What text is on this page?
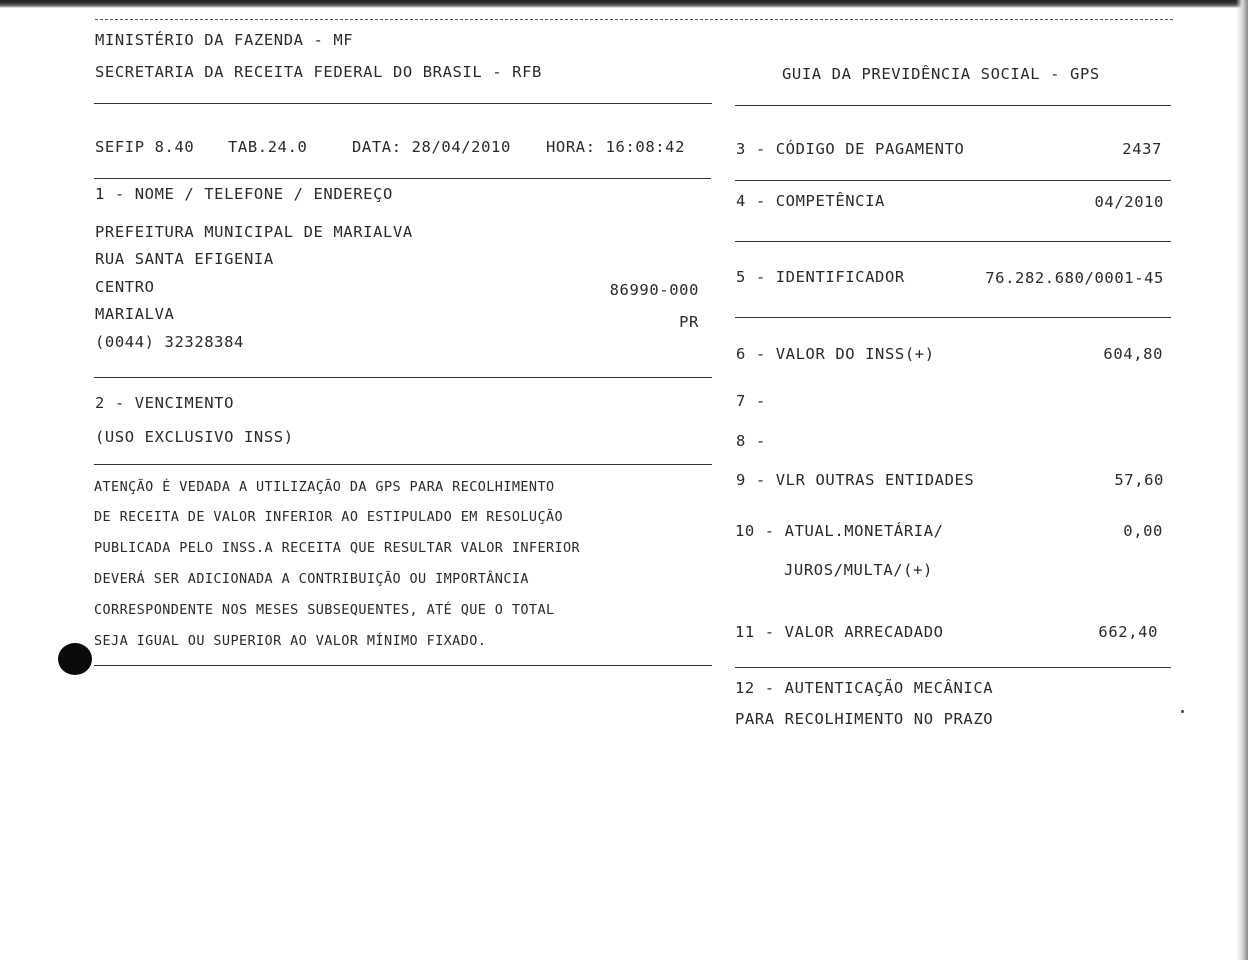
MINISTÉRIO DA FAZENDA - MF
SECRETARIA DA RECEITA FEDERAL DO BRASIL - RFB	GUIA DA PREVIDÊNCIA SOCIAL - GPS
SEFIP 8.40 TAB.24.0	DATA: 28/04/2010 HORA: 16:08:42
1 - NOME / TELEFONE / ENDEREÇO
PREFEITURA MUNICIPAL DE MARIALVA
RUA SANTA EFIGENIA
CENTRO	86990-000
MARIALVA	PR
(0044) 32328384
2 - VENCIMENTO
(USO EXCLUSIVO INSS)
ATENÇÃO É VEDADA A UTILIZAÇÃO DA GPS PARA RECOLHIMENTO
DE RECEITA DE VALOR INFERIOR AO ESTIPULADO EM RESOLUÇÃO
PUBLICADA PELO INSS.A RECEITA QUE RESULTAR VALOR INFERIOR
DEVERÁ SER ADICIONADA A CONTRIBUIÇÃO OU IMPORTÂNCIA
CORRESPONDENTE NOS MESES SUBSEQUENTES, ATÉ QUE O TOTAL
SEJA IGUAL OU SUPERIOR AO VALOR MÍNIMO FIXADO.
3 - CÓDIGO DE PAGAMENTO	2437
4 - COMPETÊNCIA	04/2010
5 - IDENTIFICADOR	76.282.680/0001-45
6 - VALOR DO INSS(+)	604,80
7 -
8 -
9 - VLR OUTRAS ENTIDADES	57,60
10 - ATUAL.MONETÁRIA/	0,00
JUROS/MULTA/(+)
11 - VALOR ARRECADADO	662,40
12 - AUTENTICAÇÃO MECÂNICA
PARA RECOLHIMENTO NO PRAZO
